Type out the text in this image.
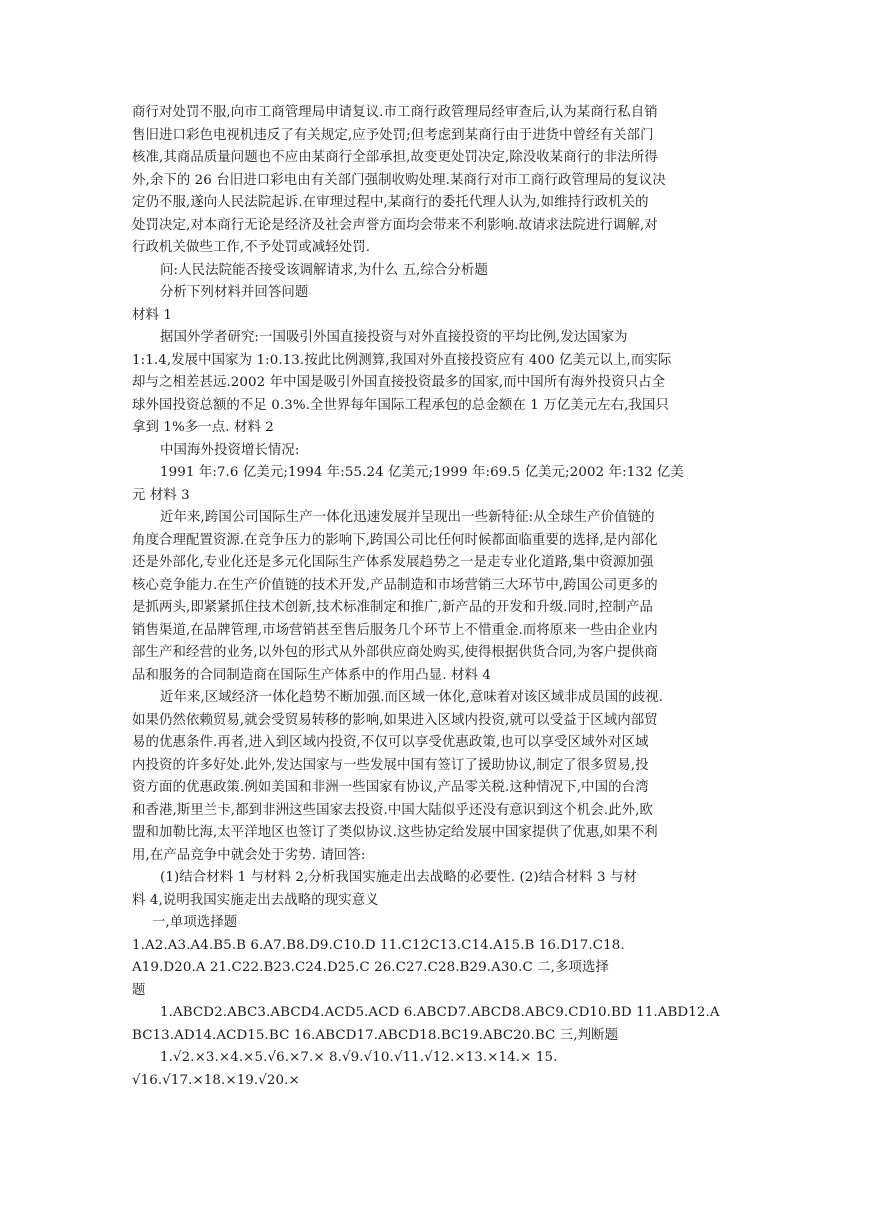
商行对处罚不服,向市工商管理局申请复议.市工商行政管理局经审查后,认为某商行私自销
售旧进口彩色电视机违反了有关规定,应予处罚;但考虑到某商行由于进货中曾经有关部门
核准,其商品质量问题也不应由某商行全部承担,故变更处罚决定,除没收某商行的非法所得
外,余下的 26 台旧进口彩电由有关部门强制收购处理.某商行对市工商行政管理局的复议决
定仍不服,遂向人民法院起诉.在审理过程中,某商行的委托代理人认为,如维持行政机关的
处罚决定,对本商行无论是经济及社会声誉方面均会带来不利影响.故请求法院进行调解,对
行政机关做些工作,不予处罚或减轻处罚.
问:人民法院能否接受该调解请求,为什么 五,综合分析题
分析下列材料并回答问题
材料 1
据国外学者研究:一国吸引外国直接投资与对外直接投资的平均比例,发达国家为
1:1.4,发展中国家为 1:0.13.按此比例测算,我国对外直接投资应有 400 亿美元以上,而实际
却与之相差甚远.2002 年中国是吸引外国直接投资最多的国家,而中国所有海外投资只占全
球外国投资总额的不足 0.3%.全世界每年国际工程承包的总金额在 1 万亿美元左右,我国只
拿到 1%多一点. 材料 2
中国海外投资增长情况:
1991 年:7.6 亿美元;1994 年:55.24 亿美元;1999 年:69.5 亿美元;2002 年:132 亿美
元 材料 3
近年来,跨国公司国际生产一体化迅速发展并呈现出一些新特征:从全球生产价值链的
角度合理配置资源.在竞争压力的影响下,跨国公司比任何时候都面临重要的选择,是内部化
还是外部化,专业化还是多元化国际生产体系发展趋势之一是走专业化道路,集中资源加强
核心竞争能力.在生产价值链的技术开发,产品制造和市场营销三大环节中,跨国公司更多的
是抓两头,即紧紧抓住技术创新,技术标准制定和推广,新产品的开发和升级.同时,控制产品
销售渠道,在品牌管理,市场营销甚至售后服务几个环节上不惜重金.而将原来一些由企业内
部生产和经营的业务,以外包的形式从外部供应商处购买,使得根据供货合同,为客户提供商
品和服务的合同制造商在国际生产体系中的作用凸显. 材料 4
近年来,区域经济一体化趋势不断加强.而区域一体化,意味着对该区域非成员国的歧视.
如果仍然依赖贸易,就会受贸易转移的影响,如果进入区域内投资,就可以受益于区域内部贸
易的优惠条件.再者,进入到区域内投资,不仅可以享受优惠政策,也可以享受区域外对区域
内投资的许多好处.此外,发达国家与一些发展中国有签订了援助协议,制定了很多贸易,投
资方面的优惠政策.例如美国和非洲一些国家有协议,产品零关税.这种情况下,中国的台湾
和香港,斯里兰卡,都到非洲这些国家去投资.中国大陆似乎还没有意识到这个机会.此外,欧
盟和加勒比海,太平洋地区也签订了类似协议.这些协定给发展中国家提供了优惠,如果不利
用,在产品竞争中就会处于劣势. 请回答:
(1)结合材料 1 与材料 2,分析我国实施走出去战略的必要性. (2)结合材料 3 与材
料 4,说明我国实施走出去战略的现实意义
一,单项选择题
1.A2.A3.A4.B5.B 6.A7.B8.D9.C10.D 11.C12C13.C14.A15.B 16.D17.C18.
A19.D20.A 21.C22.B23.C24.D25.C 26.C27.C28.B29.A30.C 二,多项选择
题
1.ABCD2.ABC3.ABCD4.ACD5.ACD 6.ABCD7.ABCD8.ABC9.CD10.BD 11.ABD12.A
BC13.AD14.ACD15.BC 16.ABCD17.ABCD18.BC19.ABC20.BC 三,判断题
1.√2.×3.×4.×5.√6.×7.× 8.√9.√10.√11.√12.×13.×14.× 15.
√16.√17.×18.×19.√20.×
